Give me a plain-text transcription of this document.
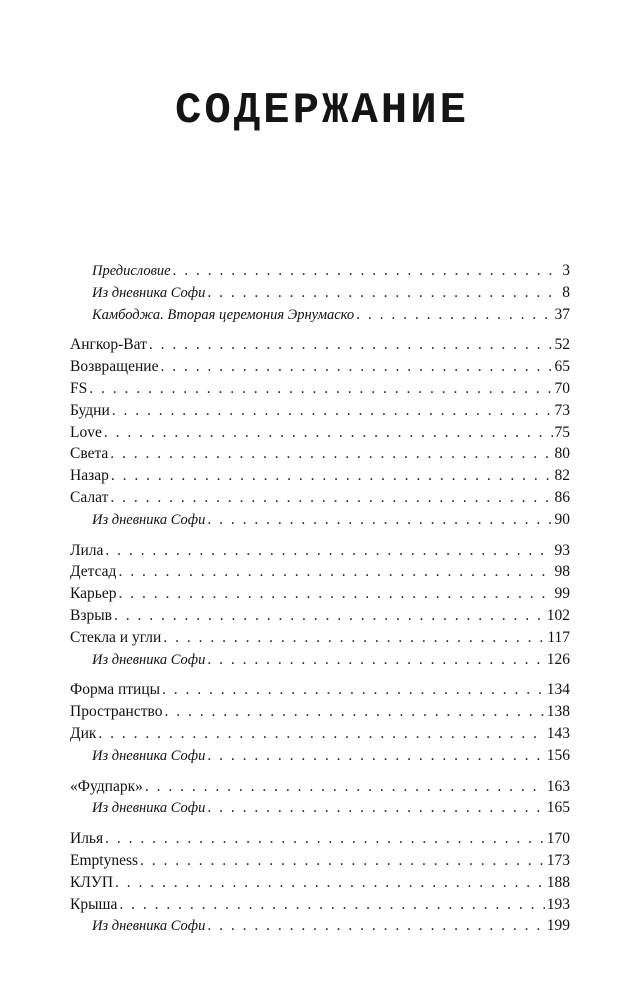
СОДЕРЖАНИЕ
Предисловие . . .	3
Из дневника Софи . . .	8
Камбоджа. Вторая церемония Эрнумаско . . .	37
Ангкор-Ват . . .	52
Возвращение . . .	65
FS . . .	70
Будни . . .	73
Love . . .	75
Света . . .	80
Назар . . .	82
Салат . . .	86
Из дневника Софи . . .	90
Лила . . .	93
Детсад . . .	98
Карьер . . .	99
Взрыв . . .	102
Стекла и угли . . .	117
Из дневника Софи . . .	126
Форма птицы . . .	134
Пространство . . .	138
Дик . . .	143
Из дневника Софи . . .	156
«Фудпарк» . . .	163
Из дневника Софи . . .	165
Илья . . .	170
Emptyness . . .	173
КЛУП . . .	188
Крыша . . .	193
Из дневника Софи . . .	199
